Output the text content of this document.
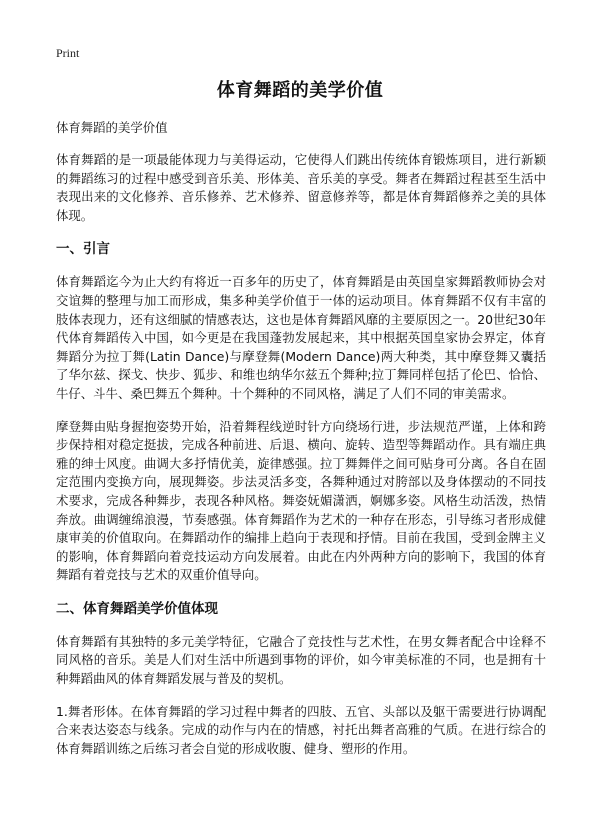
Print
体育舞蹈的美学价值
体育舞蹈的美学价值
体育舞蹈的是一项最能体现力与美得运动，它使得人们跳出传统体育锻炼项目，进行新颖的舞蹈练习的过程中感受到音乐美、形体美、音乐美的享受。舞者在舞蹈过程甚至生活中表现出来的文化修养、音乐修养、艺术修养、留意修养等，都是体育舞蹈修养之美的具体体现。
一、引言
体育舞蹈迄今为止大约有将近一百多年的历史了，体育舞蹈是由英国皇家舞蹈教师协会对交谊舞的整理与加工而形成，集多种美学价值于一体的运动项目。体育舞蹈不仅有丰富的肢体表现力，还有这细腻的情感表达，这也是体育舞蹈风靡的主要原因之一。20世纪30年代体育舞蹈传入中国，如今更是在我国蓬勃发展起来，其中根据英国皇家协会界定，体育舞蹈分为拉丁舞(Latin Dance)与摩登舞(Modern Dance)两大种类，其中摩登舞又囊括了华尔兹、探戈、快步、狐步、和维也纳华尔兹五个舞种;拉丁舞同样包括了伦巴、恰恰、牛仔、斗牛、桑巴舞五个舞种。十个舞种的不同风格，满足了人们不同的审美需求。
摩登舞由贴身握抱姿势开始，沿着舞程线逆时针方向绕场行进，步法规范严谨，上体和跨步保持相对稳定挺拔，完成各种前进、后退、横向、旋转、造型等舞蹈动作。具有端庄典雅的绅士风度。曲调大多抒情优美，旋律感强。拉丁舞舞伴之间可贴身可分离。各自在固定范围内变换方向，展现舞姿。步法灵活多变，各舞种通过对胯部以及身体摆动的不同技术要求，完成各种舞步，表现各种风格。舞姿妩媚潇洒，婀娜多姿。风格生动活泼，热情奔放。曲调缠绵浪漫，节奏感强。体育舞蹈作为艺术的一种存在形态，引导练习者形成健康审美的价值取向。在舞蹈动作的编排上趋向于表现和抒情。目前在我国，受到金牌主义的影响，体育舞蹈向着竞技运动方向发展着。由此在内外两种方向的影响下，我国的体育舞蹈有着竞技与艺术的双重价值导向。
二、体育舞蹈美学价值体现
体育舞蹈有其独特的多元美学特征，它融合了竞技性与艺术性，在男女舞者配合中诠释不同风格的音乐。美是人们对生活中所遇到事物的评价，如今审美标准的不同，也是拥有十种舞蹈曲风的体育舞蹈发展与普及的契机。
1.舞者形体。在体育舞蹈的学习过程中舞者的四肢、五官、头部以及躯干需要进行协调配合来表达姿态与线条。完成的动作与内在的情感，衬托出舞者高雅的气质。在进行综合的体育舞蹈训练之后练习者会自觉的形成收腹、健身、塑形的作用。
